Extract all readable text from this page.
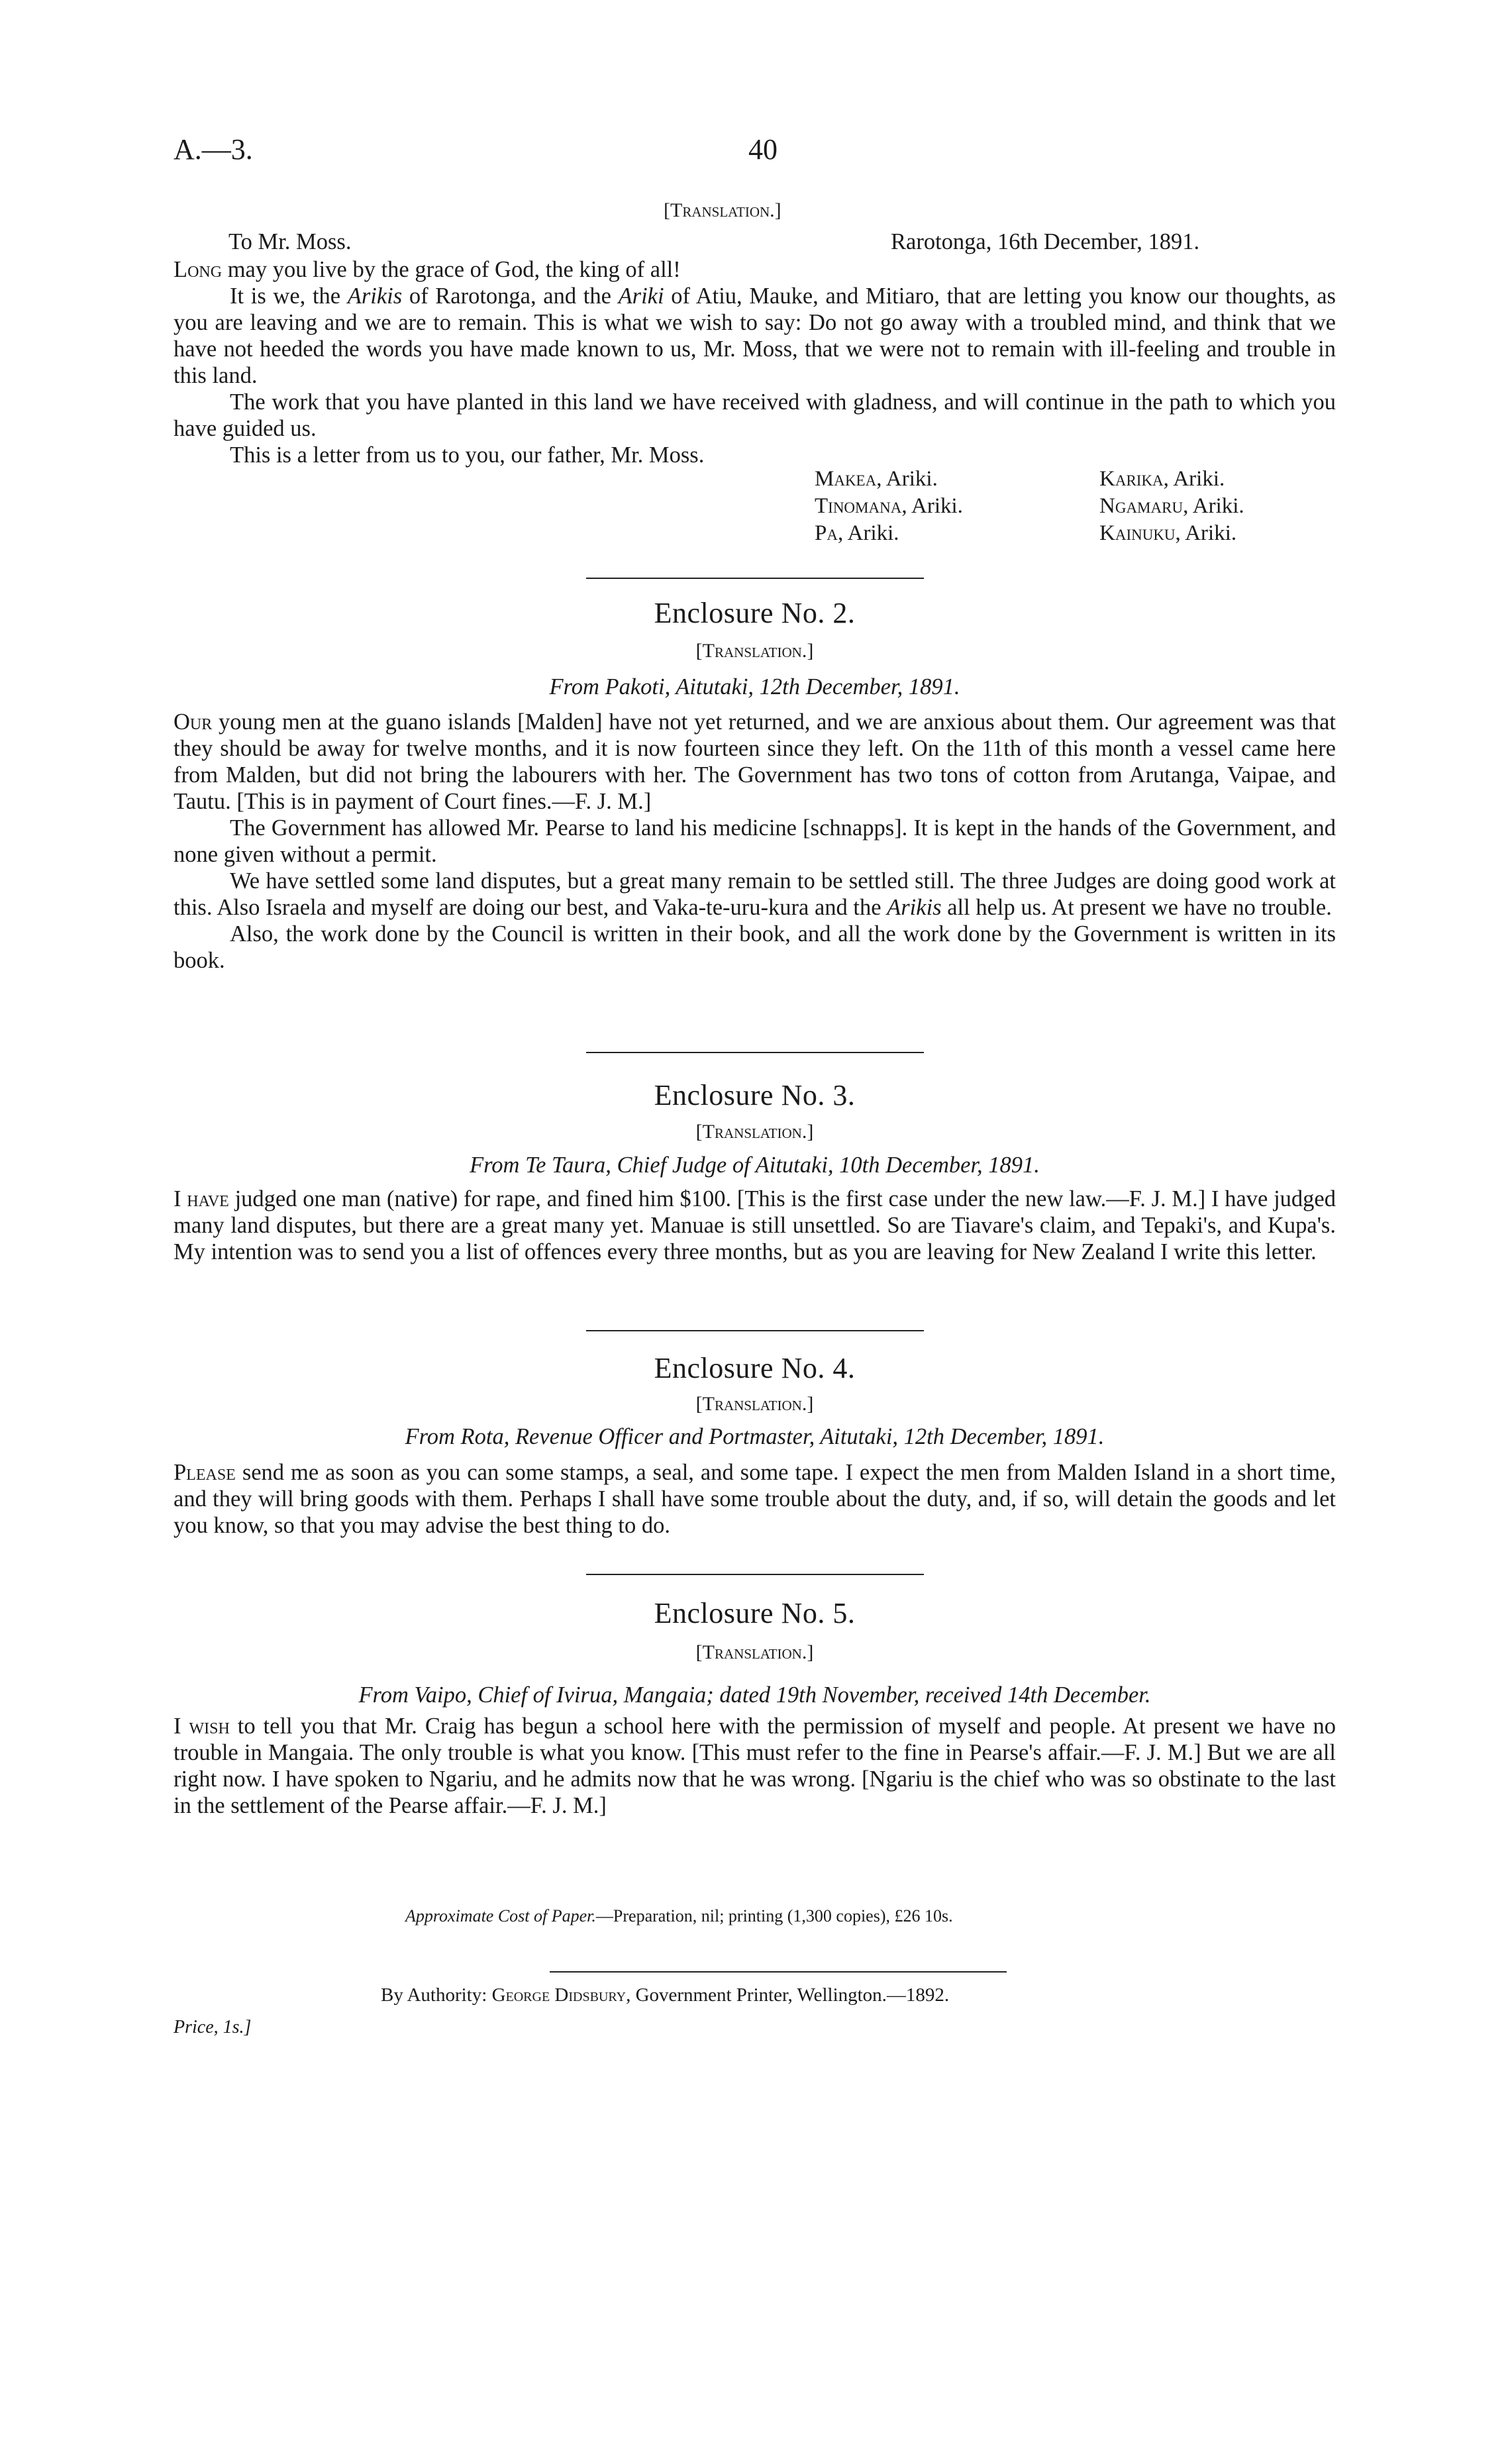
A.—3.	40
[Translation.]
To Mr. Moss.	Rarotonga, 16th December, 1891.

Long may you live by the grace of God, the king of all!

It is we, the Arikis of Rarotonga, and the Ariki of Atiu, Mauke, and Mitiaro, that are letting you know our thoughts, as you are leaving and we are to remain. This is what we wish to say: Do not go away with a troubled mind, and think that we have not heeded the words you have made known to us, Mr. Moss, that we were not to remain with ill-feeling and trouble in this land.

The work that you have planted in this land we have received with gladness, and will continue in the path to which you have guided us.

This is a letter from us to you, our father, Mr. Moss.

Makea, Ariki.	Karika, Ariki.
Tinomana, Ariki.	Ngamaru, Ariki.
Pa, Ariki.	Kainuku, Ariki.
Enclosure No. 2.
[Translation.]
From Pakoti, Aitutaki, 12th December, 1891.

Our young men at the guano islands [Malden] have not yet returned, and we are anxious about them. Our agreement was that they should be away for twelve months, and it is now fourteen since they left. On the 11th of this month a vessel came here from Malden, but did not bring the labourers with her. The Government has two tons of cotton from Arutanga, Vaipae, and Tautu. [This is in payment of Court fines.—F. J. M.]

The Government has allowed Mr. Pearse to land his medicine [schnapps]. It is kept in the hands of the Government, and none given without a permit.

We have settled some land disputes, but a great many remain to be settled still. The three Judges are doing good work at this. Also Israela and myself are doing our best, and Vaka-te-uru-kura and the Arikis all help us. At present we have no trouble.

Also, the work done by the Council is written in their book, and all the work done by the Government is written in its book.

Enclosure No. 3.
[Translation.]
From Te Taura, Chief Judge of Aitutaki, 10th December, 1891.

I have judged one man (native) for rape, and fined him $100. [This is the first case under the new law.—F. J. M.] I have judged many land disputes, but there are a great many yet. Manuae is still unsettled. So are Tiavare's claim, and Tepaki's, and Kupa's. My intention was to send you a list of offences every three months, but as you are leaving for New Zealand I write this letter.

Enclosure No. 4.
[Translation.]
From Rota, Revenue Officer and Portmaster, Aitutaki, 12th December, 1891.

Please send me as soon as you can some stamps, a seal, and some tape. I expect the men from Malden Island in a short time, and they will bring goods with them. Perhaps I shall have some trouble about the duty, and, if so, will detain the goods and let you know, so that you may advise the best thing to do.

Enclosure No. 5.
[Translation.]
From Vaipo, Chief of Ivirua, Mangaia; dated 19th November, received 14th December.

I wish to tell you that Mr. Craig has begun a school here with the permission of myself and people. At present we have no trouble in Mangaia. The only trouble is what you know. [This must refer to the fine in Pearse's affair.—F. J. M.] But we are all right now. I have spoken to Ngariu, and he admits now that he was wrong. [Ngariu is the chief who was so obstinate to the last in the settlement of the Pearse affair.—F. J. M.]

Approximate Cost of Paper.—Preparation, nil; printing (1,300 copies), £26 10s.
By Authority: George Didsbury, Government Printer, Wellington.—1892.
Price, 1s.]
